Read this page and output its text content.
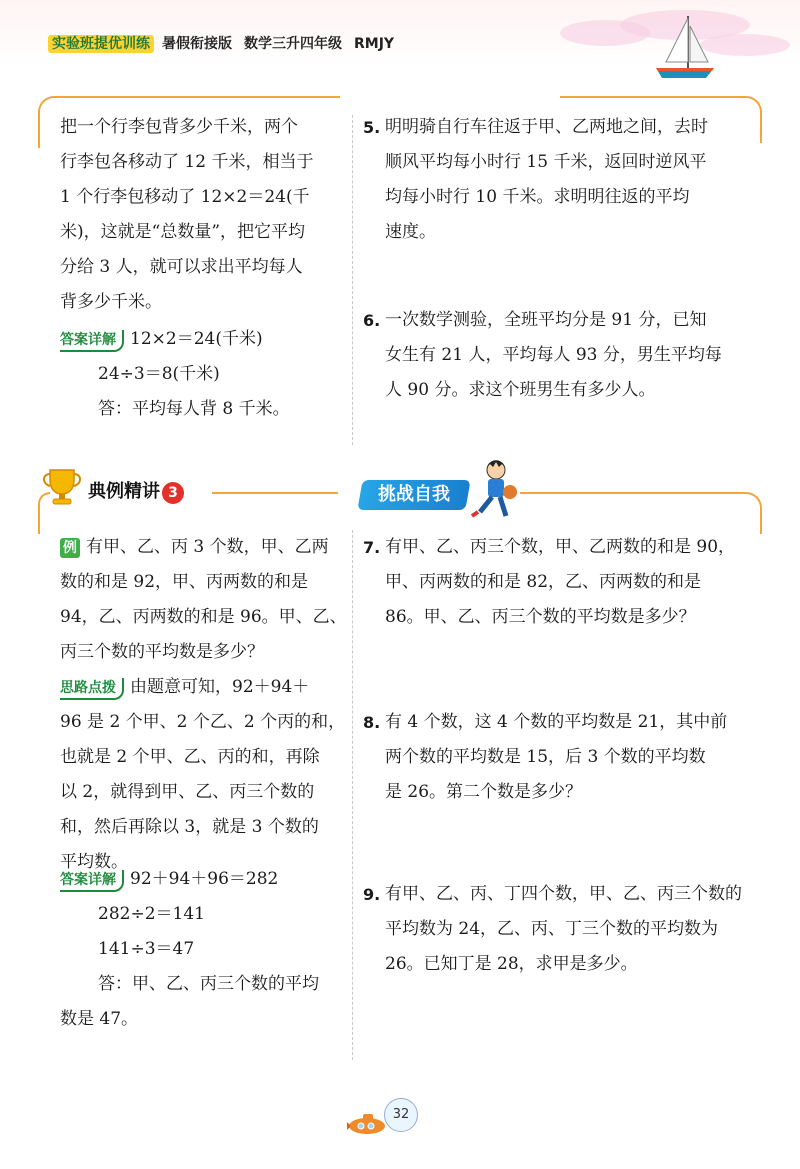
实验班提优训练 暑假衔接版 数学三升四年级 RMJY
把一个行李包背多少千米，两个
行李包各移动了 12 千米，相当于
1 个行李包移动了 12×2＝24(千
米)，这就是“总数量”，把它平均
分给 3 人，就可以求出平均每人
背多少千米。
答案详解 12×2＝24(千米)
24÷3＝8(千米)
答：平均每人背 8 千米。
典例精讲 3	挑战自我
例 有甲、乙、丙 3 个数，甲、乙两
数的和是 92，甲、丙两数的和是
94，乙、丙两数的和是 96。甲、乙、
丙三个数的平均数是多少？
思路点拨 由题意可知，92＋94＋
96 是 2 个甲、2 个乙、2 个丙的和，
也就是 2 个甲、乙、丙的和，再除
以 2，就得到甲、乙、丙三个数的
和，然后再除以 3，就是 3 个数的
平均数。
答案详解 92＋94＋96＝282
282÷2＝141
141÷3＝47
答：甲、乙、丙三个数的平均
数是 47。
5. 明明骑自行车往返于甲、乙两地之间，去时
顺风平均每小时行 15 千米，返回时逆风平
均每小时行 10 千米。求明明往返的平均
速度。
6. 一次数学测验，全班平均分是 91 分，已知
女生有 21 人，平均每人 93 分，男生平均每
人 90 分。求这个班男生有多少人。
7. 有甲、乙、丙三个数，甲、乙两数的和是 90，
甲、丙两数的和是 82，乙、丙两数的和是
86。甲、乙、丙三个数的平均数是多少？
8. 有 4 个数，这 4 个数的平均数是 21，其中前
两个数的平均数是 15，后 3 个数的平均数
是 26。第二个数是多少？
9. 有甲、乙、丙、丁四个数，甲、乙、丙三个数的
平均数为 24，乙、丙、丁三个数的平均数为
26。已知丁是 28，求甲是多少。
32
